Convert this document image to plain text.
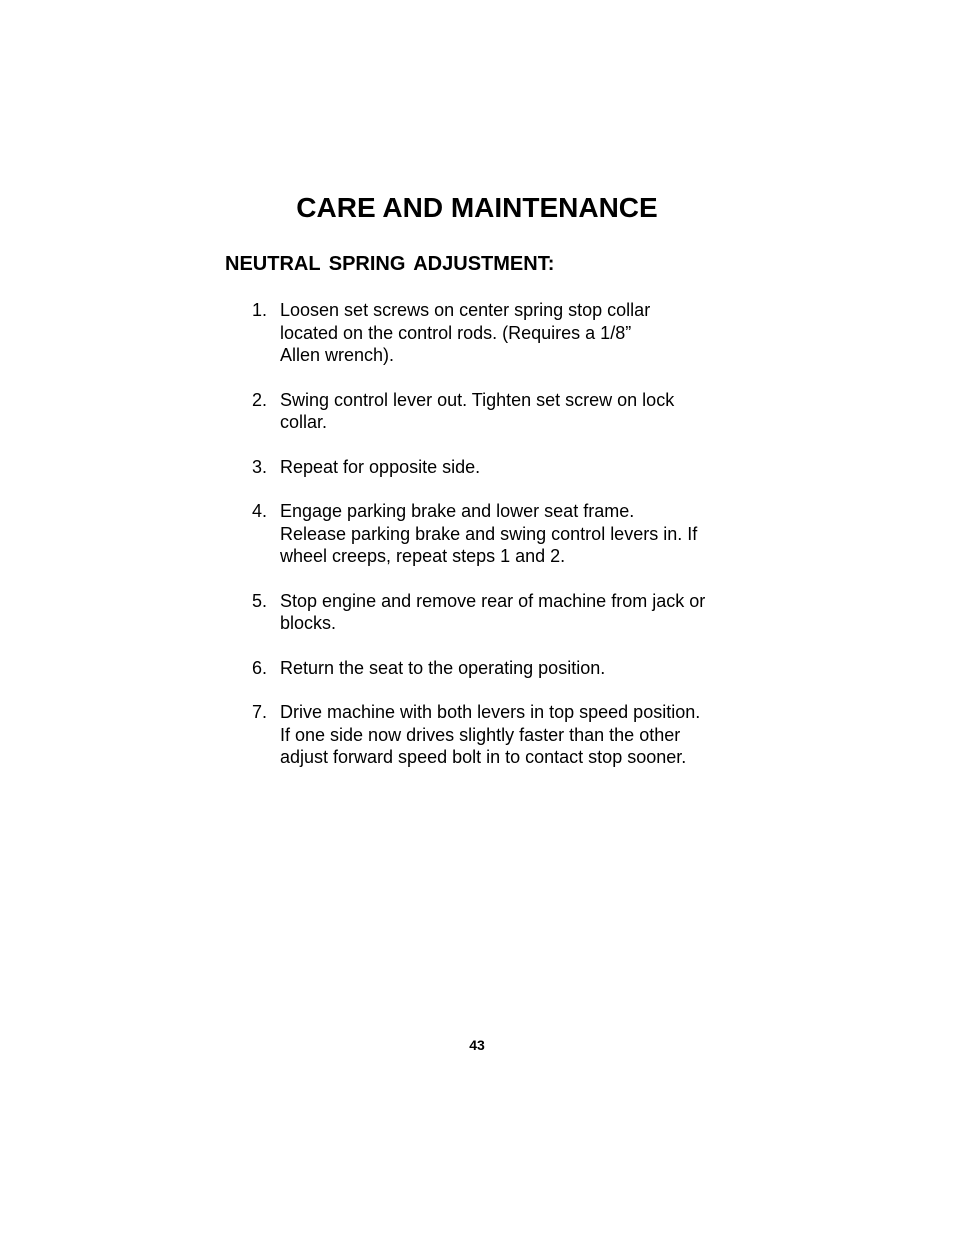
CARE AND MAINTENANCE
NEUTRAL SPRING ADJUSTMENT:
1. Loosen set screws on center spring stop collar
located on the control rods. (Requires a 1/8”
Allen wrench).
2. Swing control lever out. Tighten set screw on lock
collar.
3. Repeat for opposite side.
4. Engage parking brake and lower seat frame.
Release parking brake and swing control levers in. If
wheel creeps, repeat steps 1 and 2.
5. Stop engine and remove rear of machine from jack or
blocks.
6. Return the seat to the operating position.
7. Drive machine with both levers in top speed position.
If one side now drives slightly faster than the other
adjust forward speed bolt in to contact stop sooner.
43
